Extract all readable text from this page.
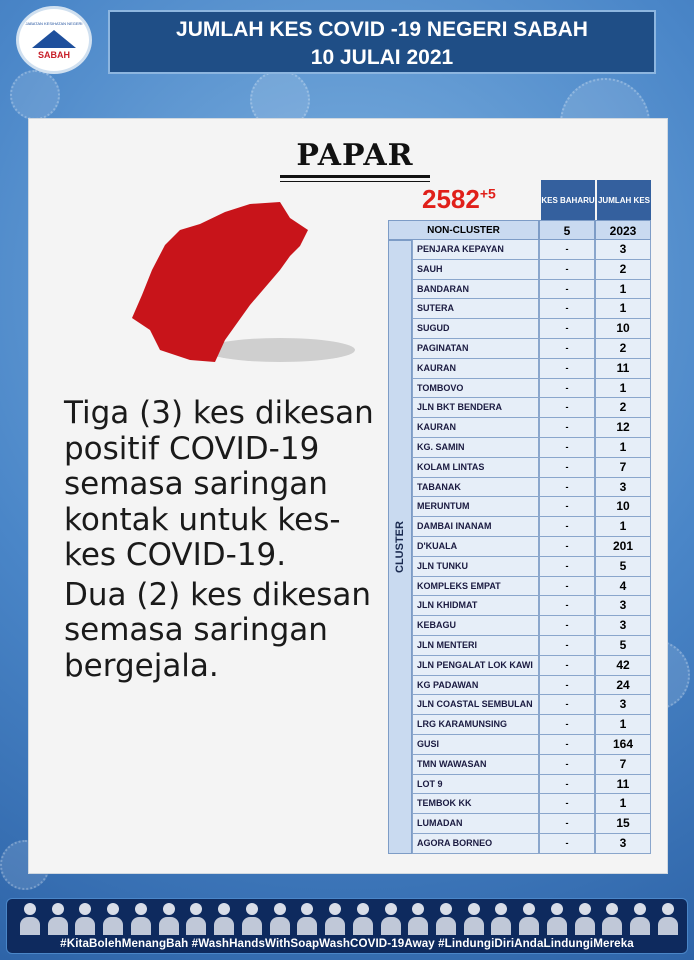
JABATAN KESIHATAN NEGERI
SABAH
JUMLAH KES COVID -19 NEGERI SABAH
10 JULAI 2021
PAPAR
$2582^{+5}$

Tiga (3) kes dikesan positif COVID-19 semasa saringan kontak untuk kes-kes COVID-19.

Dua (2) kes dikesan semasa saringan bergejala.

KES BAHARU JUMLAH KES
NON-CLUSTER	5	2023
CLUSTER
PENJARA KEPAYAN	-	3
SAUH	-	2
BANDARAN	-	1
SUTERA	-	1
SUGUD	-	10
PAGINATAN	-	2
KAURAN	-	11
TOMBOVO	-	1
JLN BKT BENDERA	-	2
KAURAN	-	12
KG. SAMIN	-	1
KOLAM LINTAS	-	7
TABANAK	-	3
MERUNTUM	-	10
DAMBAI INANAM	-	1
D'KUALA	-	201
JLN TUNKU	-	5
KOMPLEKS EMPAT	-	4
JLN KHIDMAT	-	3
KEBAGU	-	3
JLN MENTERI	-	5
JLN PENGALAT LOK KAWI	-	42
KG PADAWAN	-	24
JLN COASTAL SEMBULAN	-	3
LRG KARAMUNSING	-	1
GUSI	-	164
TMN WAWASAN	-	7
LOT 9	-	11
TEMBOK KK	-	1
LUMADAN	-	15
AGORA BORNEO	-	3
#KitaBolehMenangBah #WashHandsWithSoapWashCOVID-19Away #LindungiDiriAndaLindungiMereka
